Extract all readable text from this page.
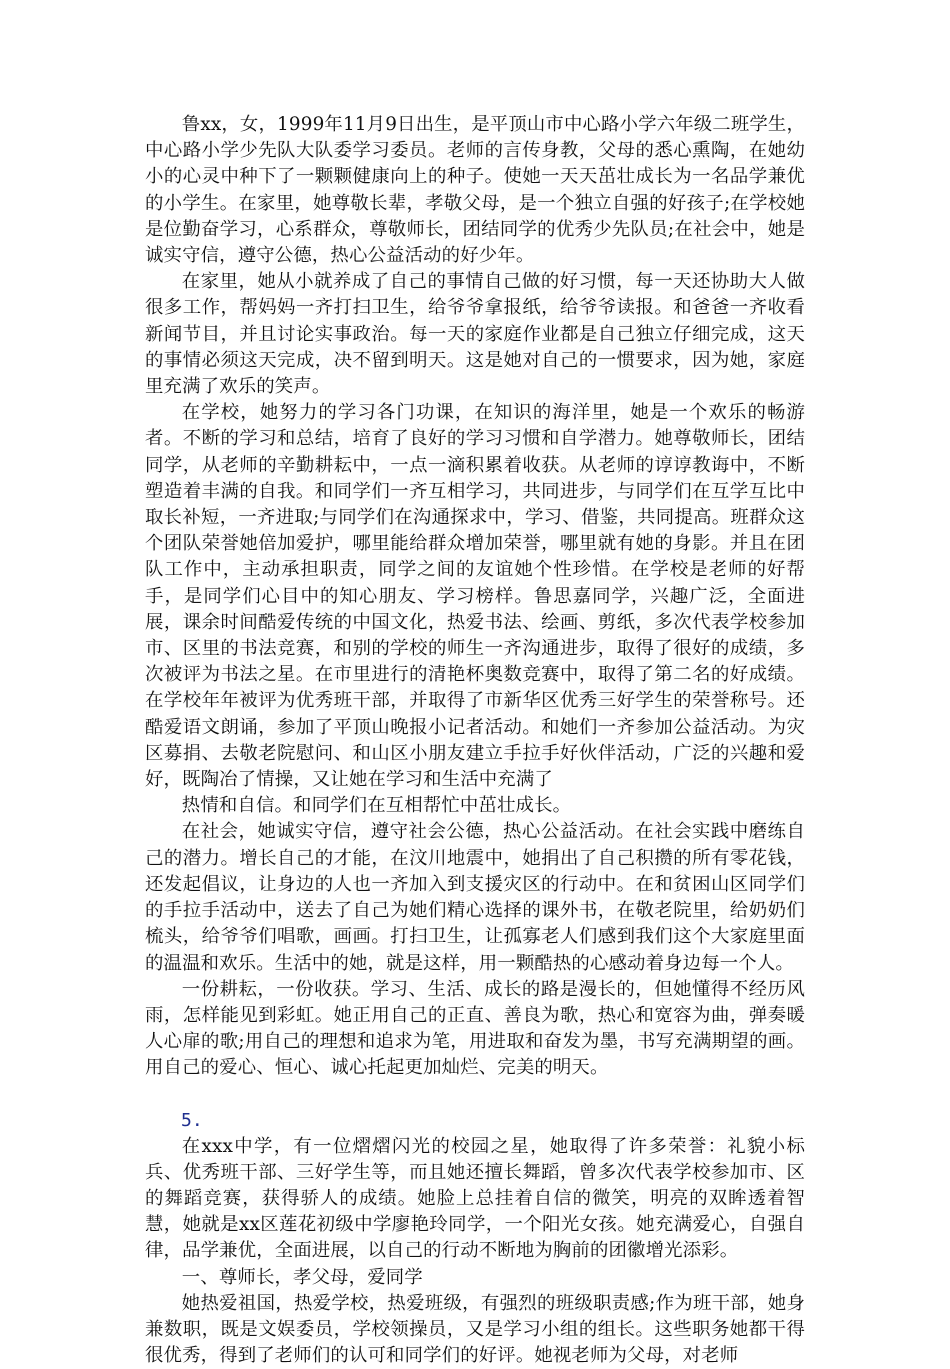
鲁xx，女，1999年11月9日出生，是平顶山市中心路小学六年级二班学生，中心路小学少先队大队委学习委员。老师的言传身教，父母的悉心熏陶，在她幼小的心灵中种下了一颗颗健康向上的种子。使她一天天茁壮成长为一名品学兼优的小学生。在家里，她尊敬长辈，孝敬父母，是一个独立自强的好孩子;在学校她是位勤奋学习，心系群众，尊敬师长，团结同学的优秀少先队员;在社会中，她是诚实守信，遵守公德，热心公益活动的好少年。

在家里，她从小就养成了自己的事情自己做的好习惯，每一天还协助大人做很多工作，帮妈妈一齐打扫卫生，给爷爷拿报纸，给爷爷读报。和爸爸一齐收看新闻节目，并且讨论实事政治。每一天的家庭作业都是自己独立仔细完成，这天的事情必须这天完成，决不留到明天。这是她对自己的一惯要求，因为她，家庭里充满了欢乐的笑声。

在学校，她努力的学习各门功课，在知识的海洋里，她是一个欢乐的畅游者。不断的学习和总结，培育了良好的学习习惯和自学潜力。她尊敬师长，团结同学，从老师的辛勤耕耘中，一点一滴积累着收获。从老师的谆谆教诲中，不断塑造着丰满的自我。和同学们一齐互相学习，共同进步，与同学们在互学互比中取长补短，一齐进取;与同学们在沟通探求中，学习、借鉴，共同提高。班群众这个团队荣誉她倍加爱护，哪里能给群众增加荣誉，哪里就有她的身影。并且在团队工作中，主动承担职责，同学之间的友谊她个性珍惜。在学校是老师的好帮手，是同学们心目中的知心朋友、学习榜样。鲁思嘉同学，兴趣广泛，全面进展，课余时间酷爱传统的中国文化，热爱书法、绘画、剪纸，多次代表学校参加市、区里的书法竞赛，和别的学校的师生一齐沟通进步，取得了很好的成绩，多次被评为书法之星。在市里进行的清艳杯奥数竞赛中，取得了第二名的好成绩。在学校年年被评为优秀班干部，并取得了市新华区优秀三好学生的荣誉称号。还酷爱语文朗诵，参加了平顶山晚报小记者活动。和她们一齐参加公益活动。为灾区募捐、去敬老院慰问、和山区小朋友建立手拉手好伙伴活动，广泛的兴趣和爱好，既陶冶了情操，又让她在学习和生活中充满了

热情和自信。和同学们在互相帮忙中茁壮成长。

在社会，她诚实守信，遵守社会公德，热心公益活动。在社会实践中磨练自己的潜力。增长自己的才能，在汶川地震中，她捐出了自己积攒的所有零花钱，还发起倡议，让身边的人也一齐加入到支援灾区的行动中。在和贫困山区同学们的手拉手活动中，送去了自己为她们精心选择的课外书，在敬老院里，给奶奶们梳头，给爷爷们唱歌，画画。打扫卫生，让孤寡老人们感到我们这个大家庭里面的温温和欢乐。生活中的她，就是这样，用一颗酷热的心感动着身边每一个人。

一份耕耘，一份收获。学习、生活、成长的路是漫长的，但她懂得不经历风雨，怎样能见到彩虹。她正用自己的正直、善良为歌，热心和宽容为曲，弹奏暖人心扉的歌;用自己的理想和追求为笔，用进取和奋发为墨，书写充满期望的画。用自己的爱心、恒心、诚心托起更加灿烂、完美的明天。

5.

在xxx中学，有一位熠熠闪光的校园之星，她取得了许多荣誉：礼貌小标兵、优秀班干部、三好学生等，而且她还擅长舞蹈，曾多次代表学校参加市、区的舞蹈竞赛，获得骄人的成绩。她脸上总挂着自信的微笑，明亮的双眸透着智慧，她就是xx区莲花初级中学廖艳玲同学，一个阳光女孩。她充满爱心，自强自律，品学兼优，全面进展，以自己的行动不断地为胸前的团徽增光添彩。

一、尊师长，孝父母，爱同学

她热爱祖国，热爱学校，热爱班级，有强烈的班级职责感;作为班干部，她身兼数职，既是文娱委员，学校领操员，又是学习小组的组长。这些职务她都干得很优秀，得到了老师们的认可和同学们的好评。她视老师为父母，对老师
